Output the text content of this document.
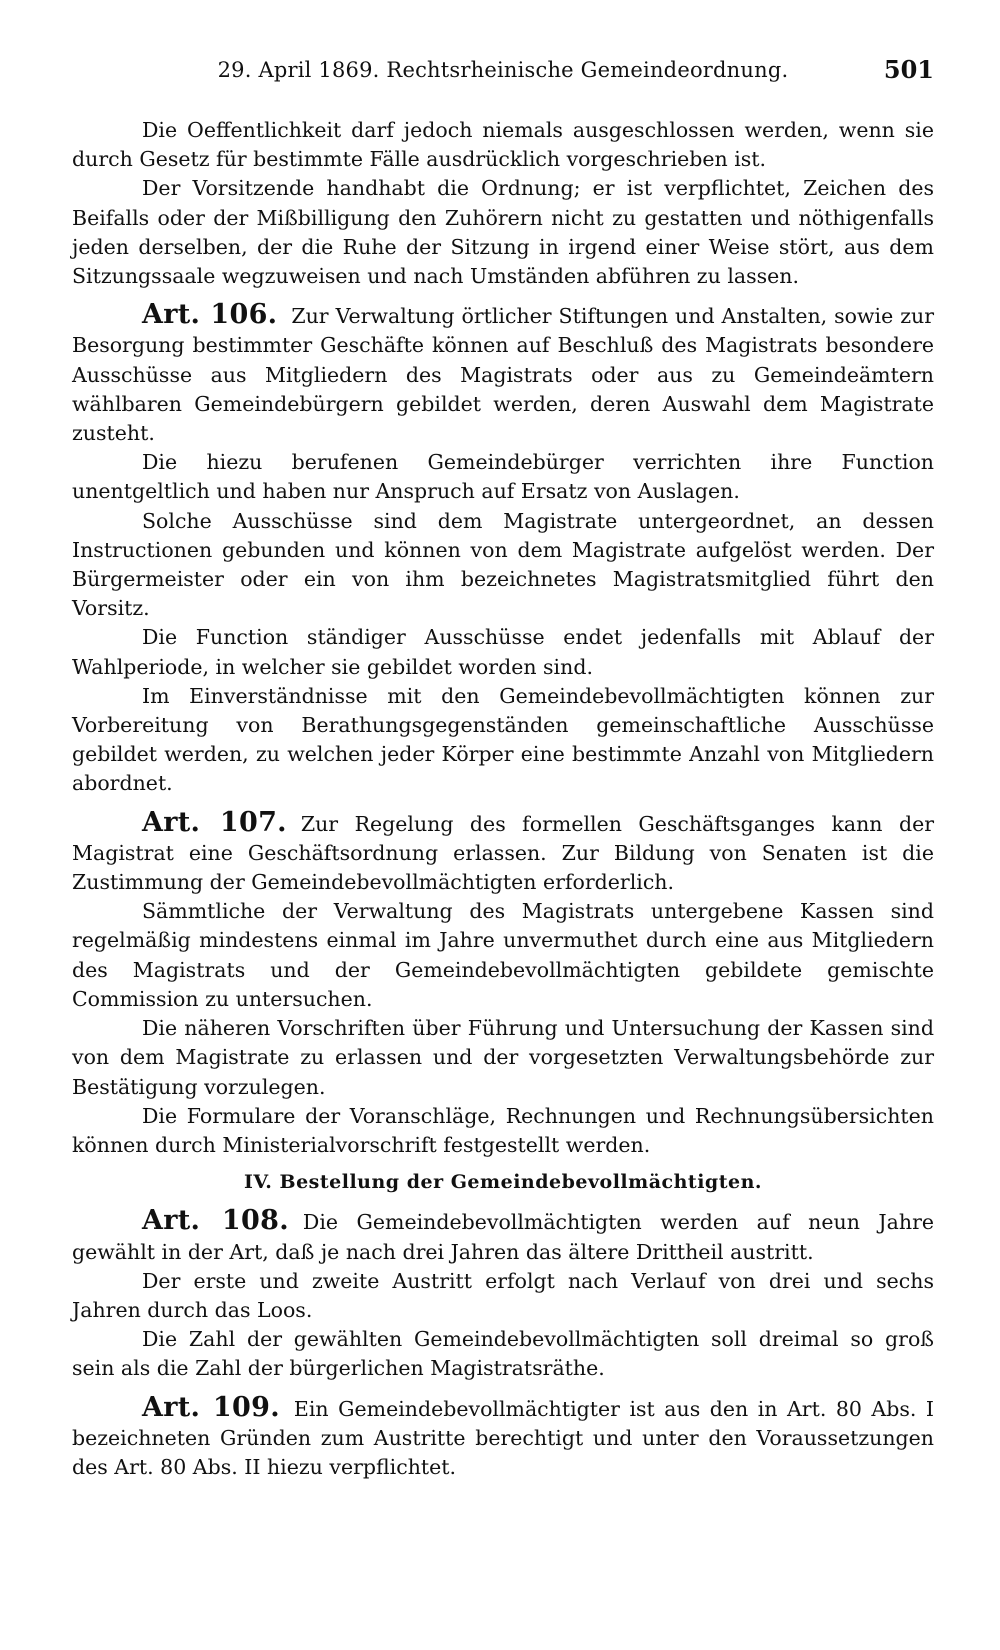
29. April 1869. Rechtsrheinische Gemeindeordnung.	501

Die Oeffentlichkeit darf jedoch niemals ausgeschlossen werden, wenn sie durch Gesetz für bestimmte Fälle ausdrücklich vorgeschrieben ist.

Der Vorsitzende handhabt die Ordnung; er ist verpflichtet, Zeichen des Beifalls oder der Mißbilligung den Zuhörern nicht zu gestatten und nöthigenfalls jeden derselben, der die Ruhe der Sitzung in irgend einer Weise stört, aus dem Sitzungssaale wegzuweisen und nach Umständen abführen zu lassen.

Art. 106. Zur Verwaltung örtlicher Stiftungen und Anstalten, sowie zur Besorgung bestimmter Geschäfte können auf Beschluß des Magistrats besondere Ausschüsse aus Mitgliedern des Magistrats oder aus zu Gemeindeämtern wählbaren Gemeindebürgern gebildet werden, deren Auswahl dem Magistrate zusteht.

Die hiezu berufenen Gemeindebürger verrichten ihre Function unentgeltlich und haben nur Anspruch auf Ersatz von Auslagen.

Solche Ausschüsse sind dem Magistrate untergeordnet, an dessen Instructionen gebunden und können von dem Magistrate aufgelöst werden. Der Bürgermeister oder ein von ihm bezeichnetes Magistratsmitglied führt den Vorsitz.

Die Function ständiger Ausschüsse endet jedenfalls mit Ablauf der Wahlperiode, in welcher sie gebildet worden sind.

Im Einverständnisse mit den Gemeindebevollmächtigten können zur Vorbereitung von Berathungsgegenständen gemeinschaftliche Ausschüsse gebildet werden, zu welchen jeder Körper eine bestimmte Anzahl von Mitgliedern abordnet.

Art. 107. Zur Regelung des formellen Geschäftsganges kann der Magistrat eine Geschäftsordnung erlassen. Zur Bildung von Senaten ist die Zustimmung der Gemeindebevollmächtigten erforderlich.

Sämmtliche der Verwaltung des Magistrats untergebene Kassen sind regelmäßig mindestens einmal im Jahre unvermuthet durch eine aus Mitgliedern des Magistrats und der Gemeindebevollmächtigten gebildete gemischte Commission zu untersuchen.

Die näheren Vorschriften über Führung und Untersuchung der Kassen sind von dem Magistrate zu erlassen und der vorgesetzten Verwaltungsbehörde zur Bestätigung vorzulegen.

Die Formulare der Voranschläge, Rechnungen und Rechnungsübersichten können durch Ministerialvorschrift festgestellt werden.

IV. Bestellung der Gemeindebevollmächtigten.

Art. 108. Die Gemeindebevollmächtigten werden auf neun Jahre gewählt in der Art, daß je nach drei Jahren das ältere Drittheil austritt.

Der erste und zweite Austritt erfolgt nach Verlauf von drei und sechs Jahren durch das Loos.

Die Zahl der gewählten Gemeindebevollmächtigten soll dreimal so groß sein als die Zahl der bürgerlichen Magistratsräthe.

Art. 109. Ein Gemeindebevollmächtigter ist aus den in Art. 80 Abs. I bezeichneten Gründen zum Austritte berechtigt und unter den Voraussetzungen des Art. 80 Abs. II hiezu verpflichtet.
